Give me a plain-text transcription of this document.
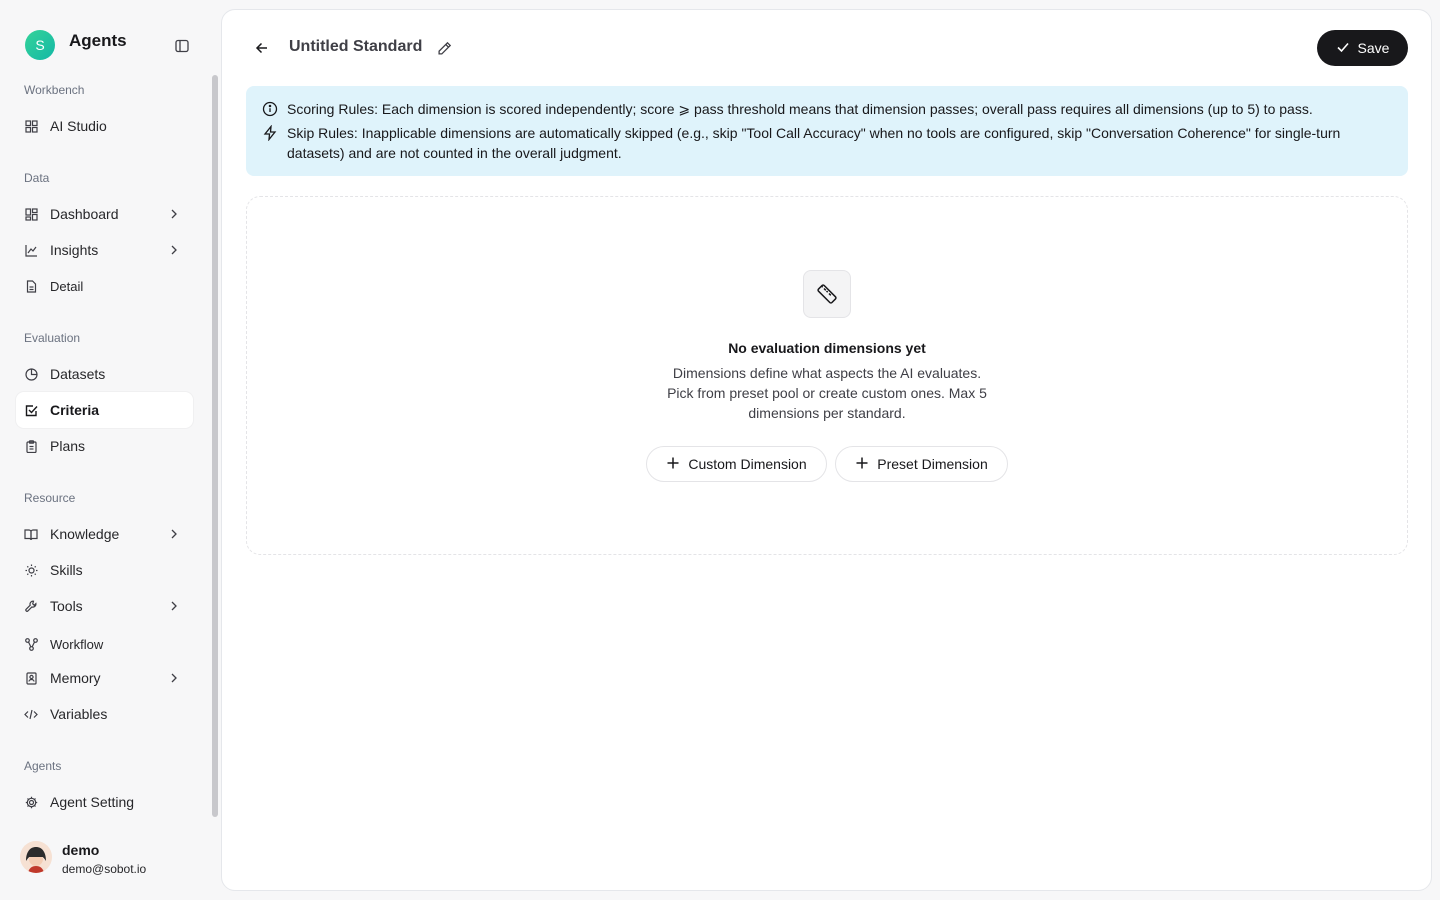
S	Agents
Workbench
AI Studio
Data
Dashboard
Insights
Detail
Evaluation
Datasets
Criteria
Plans
Resource
Knowledge
Skills
Tools
Workflow
Memory
Variables
Agents
Agent Setting
demo
demo@sobot.io
Untitled Standard	Save
Scoring Rules: Each dimension is scored independently; score ⩾ pass threshold means that dimension passes; overall pass requires all dimensions (up to 5) to pass.
Skip Rules: Inapplicable dimensions are automatically skipped (e.g., skip "Tool Call Accuracy" when no tools are configured, skip "Conversation Coherence" for single-turn datasets) and are not counted in the overall judgment.
No evaluation dimensions yet
Dimensions define what aspects the AI evaluates. Pick from preset pool or create custom ones. Max 5 dimensions per standard.
Custom Dimension	Preset Dimension
